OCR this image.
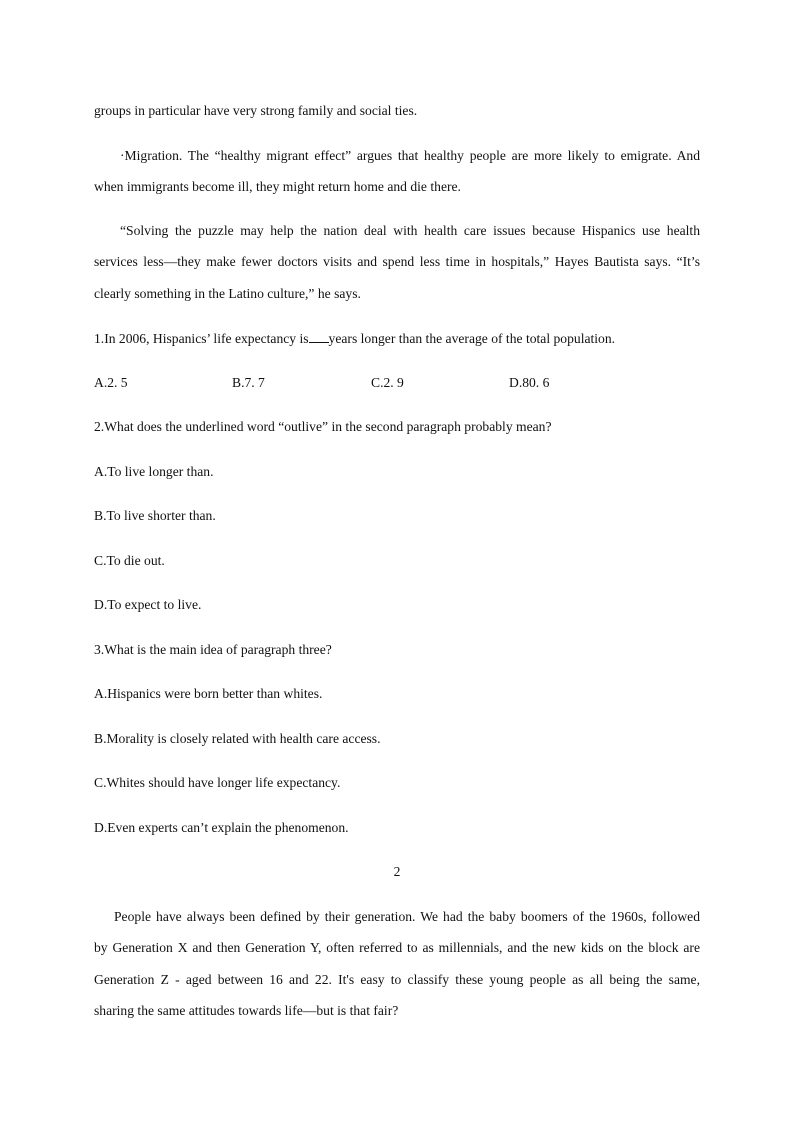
groups in particular have very strong family and social ties.
·Migration. The “healthy migrant effect” argues that healthy people are more likely to emigrate. And
when immigrants become ill, they might return home and die there.
“Solving the puzzle may help the nation deal with health care issues because Hispanics use health
services less—they make fewer doctors visits and spend less time in hospitals,” Hayes Bautista says. “It’s
clearly something in the Latino culture,” he says.
1.In 2006, Hispanics’ life expectancy is years longer than the average of the total population.
A.2. 5	B.7. 7	C.2. 9	D.80. 6
2.What does the underlined word “outlive” in the second paragraph probably mean?
A.To live longer than.
B.To live shorter than.
C.To die out.
D.To expect to live.
3.What is the main idea of paragraph three?
A.Hispanics were born better than whites.
B.Morality is closely related with health care access.
C.Whites should have longer life expectancy.
D.Even experts can’t explain the phenomenon.
2
People have always been defined by their generation. We had the baby boomers of the 1960s, followed
by Generation X and then Generation Y, often referred to as millennials, and the new kids on the block are
Generation Z - aged between 16 and 22. It's easy to classify these young people as all being the same,
sharing the same attitudes towards life—but is that fair?
